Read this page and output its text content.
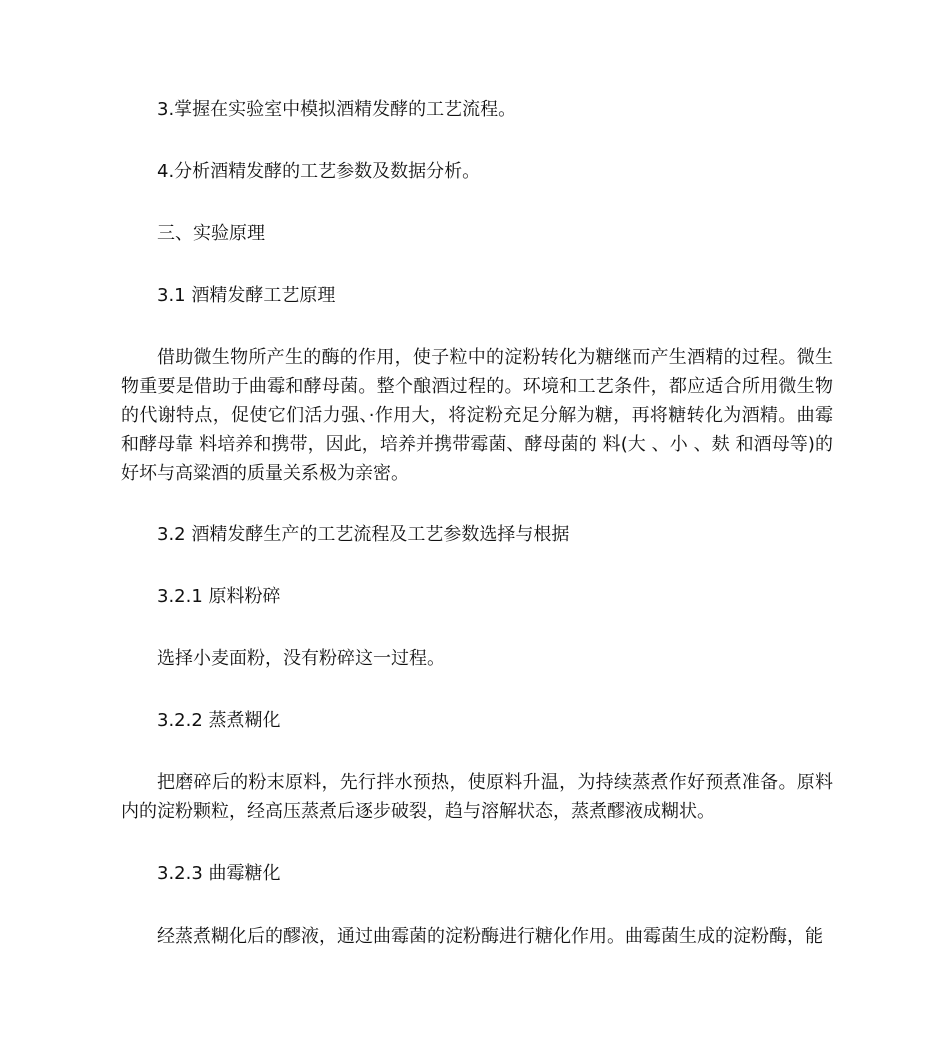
3.掌握在实验室中模拟酒精发酵的工艺流程。
4.分析酒精发酵的工艺参数及数据分析。
三、实验原理
3.1 酒精发酵工艺原理
借助微生物所产生的酶的作用，使子粒中的淀粉转化为糖继而产生酒精的过程。微生物重要是借助于曲霉和酵母菌。整个酿酒过程的。环境和工艺条件，都应适合所用微生物的代谢特点，促使它们活力强、·作用大，将淀粉充足分解为糖，再将糖转化为酒精。曲霉和酵母靠 料培养和携带，因此，培养并携带霉菌、酵母菌的 料(大 、小 、麸 和酒母等)的好坏与高粱酒的质量关系极为亲密。
3.2 酒精发酵生产的工艺流程及工艺参数选择与根据
3.2.1 原料粉碎
选择小麦面粉，没有粉碎这一过程。
3.2.2 蒸煮糊化
把磨碎后的粉末原料，先行拌水预热，使原料升温，为持续蒸煮作好预煮准备。原料内的淀粉颗粒，经高压蒸煮后逐步破裂，趋与溶解状态，蒸煮醪液成糊状。
3.2.3 曲霉糖化
经蒸煮糊化后的醪液，通过曲霉菌的淀粉酶进行糖化作用。曲霉菌生成的淀粉酶，能
